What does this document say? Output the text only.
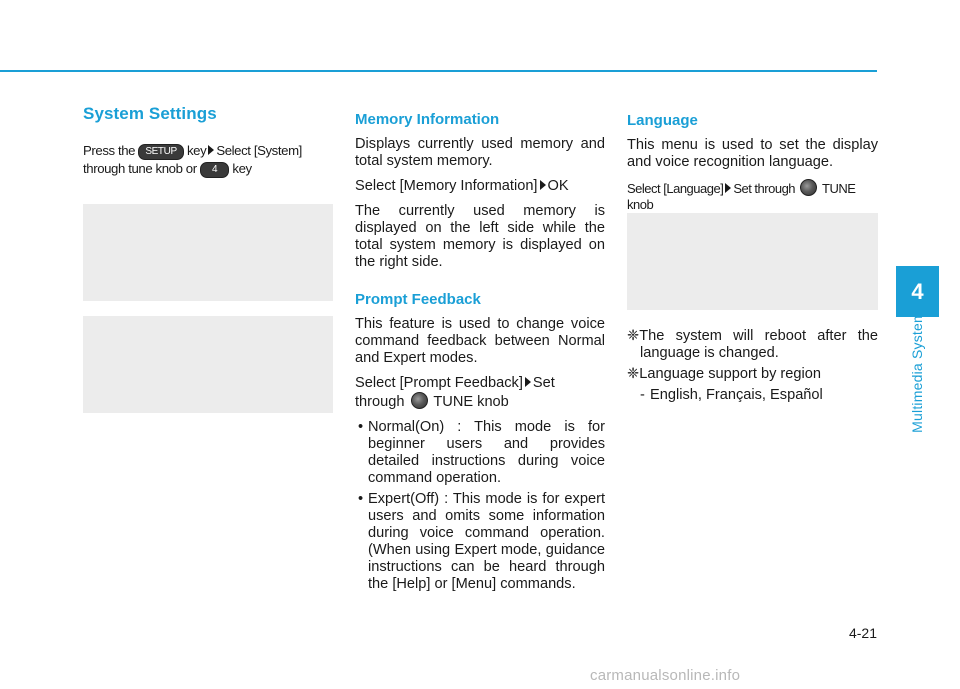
System Settings

Press the SETUP key Select [System]
through tune knob or 4 key

Memory Information

Displays currently used memory and total system memory.

Select [Memory Information] OK

The currently used memory is displayed on the left side while the total system memory is displayed on the right side.

Prompt Feedback

This feature is used to change voice command feedback between Normal and Expert modes.

Select [Prompt Feedback] Set through TUNE knob

• Normal(On) : This mode is for beginner users and provides detailed instructions during voice command operation.
• Expert(Off) : This mode is for expert users and omits some information during voice command operation. (When using Expert mode, guidance instructions can be heard through the [Help] or [Menu] commands.
Language

This menu is used to set the display and voice recognition language.

Select [Language] Set through TUNE knob

❈The system will reboot after the language is changed.
❈Language support by region
- English, Français, Español
4
Multimedia System
4-21
carmanualsonline.info
